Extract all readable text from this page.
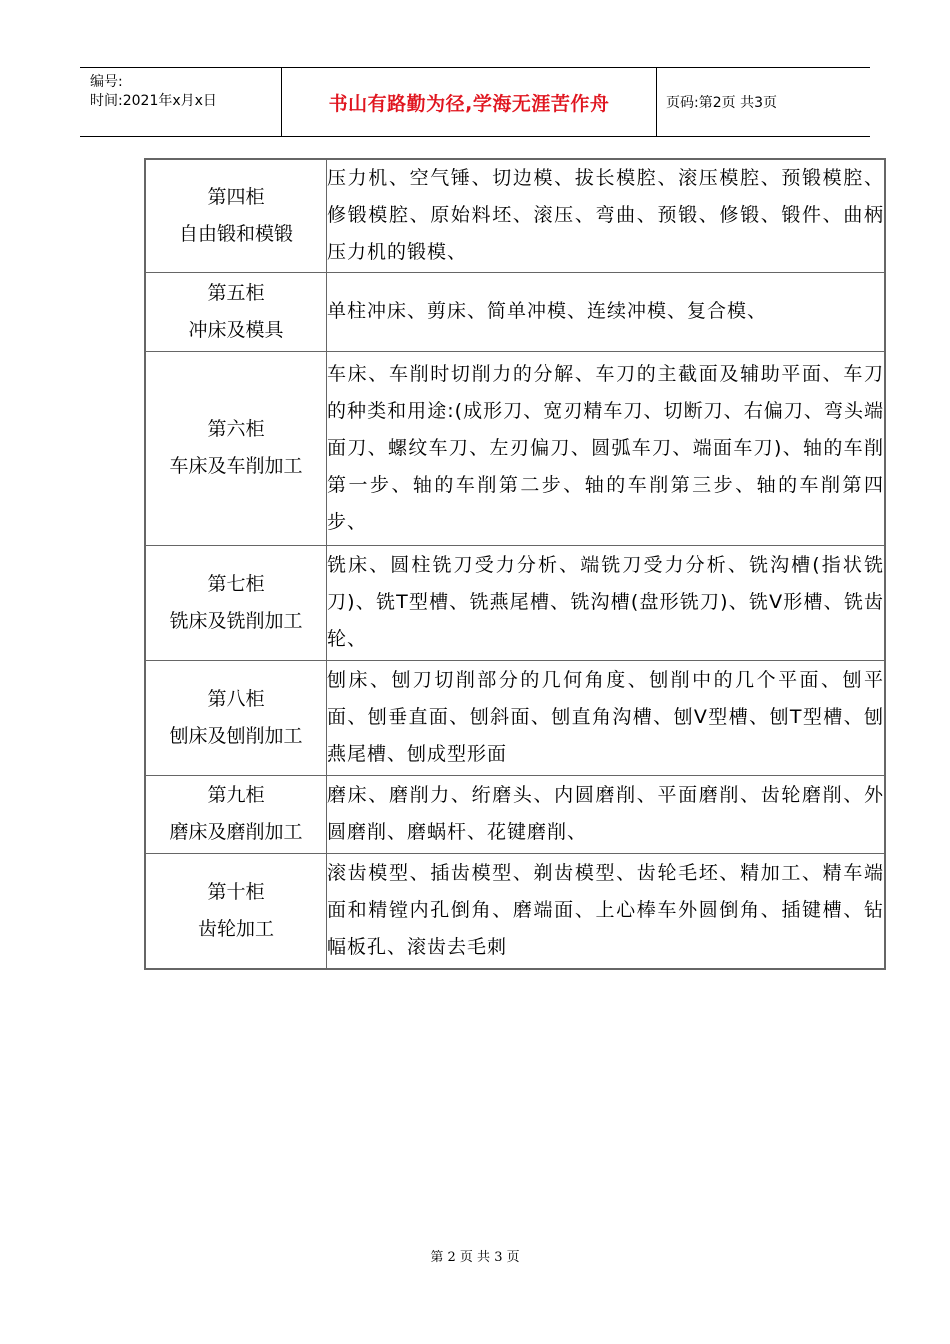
编号:
时间:2021年x月x日	书山有路勤为径,学海无涯苦作舟	页码:第2页 共3页
第四柜
自由锻和模锻	压力机、空气锤、切边模、拔长模腔、滚压模腔、预锻模腔、修锻模腔、原始料坯、滚压、弯曲、预锻、修锻、锻件、曲柄压力机的锻模、

第五柜
冲床及模具	单柱冲床、剪床、简单冲模、连续冲模、复合模、

第六柜
车床及车削加工	车床、车削时切削力的分解、车刀的主截面及辅助平面、车刀的种类和用途:(成形刀、宽刃精车刀、切断刀、右偏刀、弯头端面刀、螺纹车刀、左刃偏刀、圆弧车刀、端面车刀)、轴的车削第一步、轴的车削第二步、轴的车削第三步、轴的车削第四步、

第七柜
铣床及铣削加工	铣床、圆柱铣刀受力分析、端铣刀受力分析、铣沟槽(指状铣刀)、铣T型槽、铣燕尾槽、铣沟槽(盘形铣刀)、铣V形槽、铣齿轮、

第八柜
刨床及刨削加工	刨床、刨刀切削部分的几何角度、刨削中的几个平面、刨平面、刨垂直面、刨斜面、刨直角沟槽、刨V型槽、刨T型槽、刨燕尾槽、刨成型形面

第九柜
磨床及磨削加工	磨床、磨削力、绗磨头、内圆磨削、平面磨削、齿轮磨削、外圆磨削、磨蜗杆、花键磨削、

第十柜
齿轮加工	滚齿模型、插齿模型、剃齿模型、齿轮毛坯、精加工、精车端面和精镗内孔倒角、磨端面、上心棒车外圆倒角、插键槽、钻幅板孔、滚齿去毛刺
第 2 页 共 3 页
